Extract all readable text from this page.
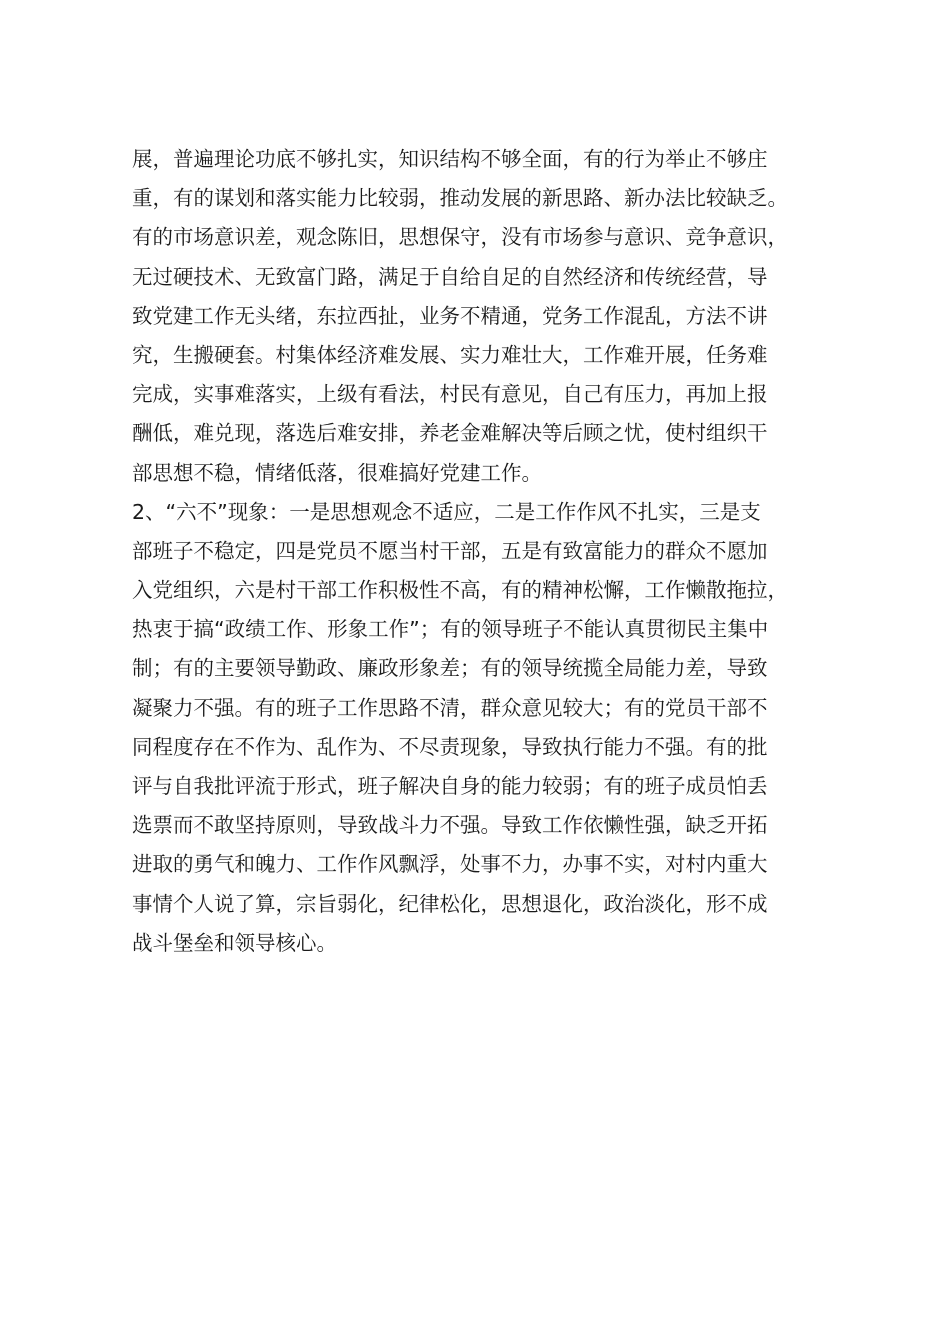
展，普遍理论功底不够扎实，知识结构不够全面，有的行为举止不够庄
重，有的谋划和落实能力比较弱，推动发展的新思路、新办法比较缺乏。
有的市场意识差，观念陈旧，思想保守，没有市场参与意识、竞争意识，
无过硬技术、无致富门路，满足于自给自足的自然经济和传统经营，导
致党建工作无头绪，东拉西扯，业务不精通，党务工作混乱，方法不讲
究，生搬硬套。村集体经济难发展、实力难壮大，工作难开展，任务难
完成，实事难落实，上级有看法，村民有意见，自己有压力，再加上报
酬低，难兑现，落选后难安排，养老金难解决等后顾之忧，使村组织干
部思想不稳，情绪低落，很难搞好党建工作。
2、“六不”现象：一是思想观念不适应，二是工作作风不扎实，三是支
部班子不稳定，四是党员不愿当村干部，五是有致富能力的群众不愿加
入党组织，六是村干部工作积极性不高，有的精神松懈，工作懒散拖拉，
热衷于搞“政绩工作、形象工作”；有的领导班子不能认真贯彻民主集中
制；有的主要领导勤政、廉政形象差；有的领导统揽全局能力差，导致
凝聚力不强。有的班子工作思路不清，群众意见较大；有的党员干部不
同程度存在不作为、乱作为、不尽责现象，导致执行能力不强。有的批
评与自我批评流于形式，班子解决自身的能力较弱；有的班子成员怕丢
选票而不敢坚持原则，导致战斗力不强。导致工作依懒性强，缺乏开拓
进取的勇气和魄力、工作作风飘浮，处事不力，办事不实，对村内重大
事情个人说了算，宗旨弱化，纪律松化，思想退化，政治淡化，形不成
战斗堡垒和领导核心。
